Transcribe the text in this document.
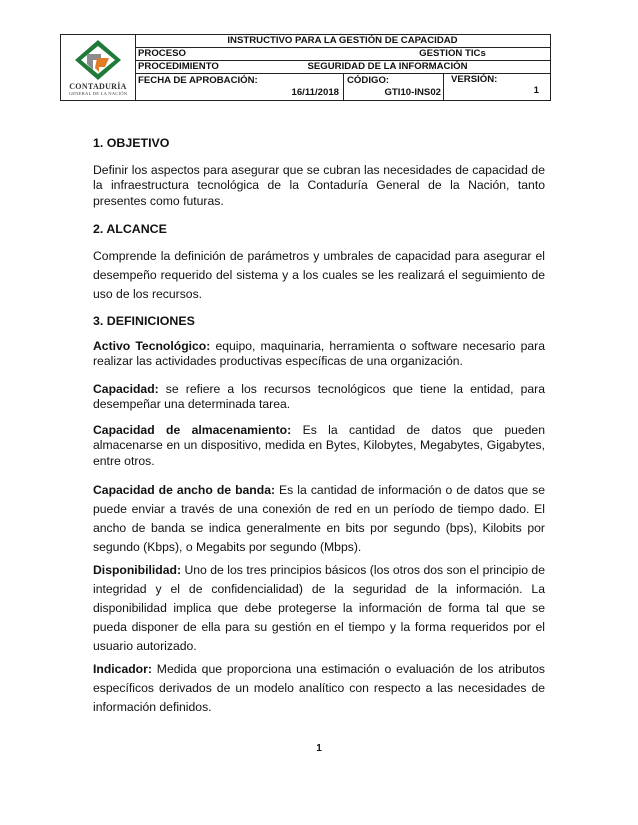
CONTADURÍA
GENERAL DE LA NACIÓN
INSTRUCTIVO PARA LA GESTIÓN DE CAPACIDAD
PROCESO	GESTION TICs
PROCEDIMIENTO	SEGURIDAD DE LA INFORMACIÓN
FECHA DE APROBACIÓN:
16/11/2018
CÓDIGO:
GTI10-INS02
VERSIÓN:
1
1. OBJETIVO

Definir los aspectos para asegurar que se cubran las necesidades de capacidad de la infraestructura tecnológica de la Contaduría General de la Nación, tanto presentes como futuras.

2. ALCANCE

Comprende la definición de parámetros y umbrales de capacidad para asegurar el desempeño requerido del sistema y a los cuales se les realizará el seguimiento de uso de los recursos.

3. DEFINICIONES

Activo Tecnológico: equipo, maquinaria, herramienta o software necesario para realizar las actividades productivas específicas de una organización.

Capacidad: se refiere a los recursos tecnológicos que tiene la entidad, para desempeñar una determinada tarea.

Capacidad de almacenamiento: Es la cantidad de datos que pueden almacenarse en un dispositivo, medida en Bytes, Kilobytes, Megabytes, Gigabytes, entre otros.

Capacidad de ancho de banda: Es la cantidad de información o de datos que se puede enviar a través de una conexión de red en un período de tiempo dado. El ancho de banda se indica generalmente en bits por segundo (bps), Kilobits por segundo (Kbps), o Megabits por segundo (Mbps).

Disponibilidad: Uno de los tres principios básicos (los otros dos son el principio de integridad y el de confidencialidad) de la seguridad de la información. La disponibilidad implica que debe protegerse la información de forma tal que se pueda disponer de ella para su gestión en el tiempo y la forma requeridos por el usuario autorizado.

Indicador: Medida que proporciona una estimación o evaluación de los atributos específicos derivados de un modelo analítico con respecto a las necesidades de información definidos.

1
